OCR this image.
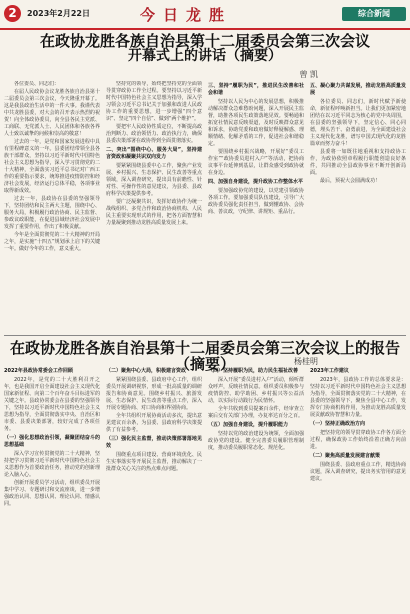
2	2023年2月22日	今日龙胜	综合新闻
在政协龙胜各族自治县第十二届委员会第三次会议
开幕式上的讲话（摘要）
曾 凯

各位委员、同志们：

在届人民政协会议龙胜各族自治县第十二届委员会第三次会议，今天隆重开幕了。这是我县政治生活中的一件大事。我谨代表中共龙胜县委，对大会的召开表示热烈的祝贺！向全体政协委员，向全县各民主党派、工商联、无党派人士、人民团体和各族各界人士致以诚挚的问候和崇高的敬意！

过去的一年，是党和国家发展进程中具有里程碑意义的一年。县委团结带领全县各族干部群众，坚持以习近平新时代中国特色社会主义思想为指导，深入学习贯彻党的二十大精神，全面落实习近平总书记对广西工作的重要指示要求，统筹推进疫情防控和经济社会发展，经济运行总体平稳，各项事业取得新成效。

过去一年，县政协在县委的坚强领导下，坚持团结和民主两大主题，围绕中心、服务大局，积极履行政治协商、民主监督、参政议政职能，在促进县域经济社会发展中发挥了重要作用，作出了积极贡献。

今年是全面贯彻党的二十大精神的开局之年，是实施“十四五”规划承上启下的关键一年。做好今年的工作，意义重大。

坚持党的领导，始终把坚持党的全面领导贯穿政协工作全过程。要坚持以习近平新时代中国特色社会主义思想为指导，深入学习领会习近平总书记关于加强和改进人民政协工作的重要思想，进一步增强“四个意识”、坚定“四个自信”、做到“两个维护”。

要把牢人民政协性质定位，不断提高政治判断力、政治领悟力、政治执行力，确保县委决策部署在政协得到全面贯彻落实。

二、突出“围绕中心、服务大局”，坚持建言资政和凝聚共识双向发力

要紧紧围绕县委中心工作，聚焦产业发展、乡村振兴、生态保护、民生改善等重点领域，深入调查研究，提出具有前瞻性、针对性、可操作性的意见建议，为县委、县政府科学决策提供参考。

要广泛凝聚共识，发挥好政协作为统一战线组织、多党合作和政治协商机构、人民民主重要实现形式的作用，把各方面智慧和力量凝聚到推动龙胜高质量发展上来。

三、坚持“履职为民”，推进民生改善和社会和谐

坚持以人民为中心的发展思想，积极推动解决群众急难愁盼问题，深入开展民主监督，助推各项民生政策落地见效。要畅通和拓宽社情民意反映渠道，及时反映群众意见和诉求，协助党委和政府做好释疑解惑、理顺情绪、化解矛盾的工作，促进社会和谐稳定。

要围绕乡村振兴战略，开展好“委员工作室”“政协委员进村入户”等活动，把协商议事平台延伸到基层，让群众感受到政协就在身边。

四、加强自身建设，提升政协工作整体水平

要加强政协党的建设，以党建引领政协各项工作。要加强委员队伍建设，引导广大政协委员强化责任担当，做到懂政协、会协商、善议政，守纪律、讲规矩、重品行。

五、凝心聚力共谋发展，推动龙胜高质量发展

各位委员、同志们，新时代赋予新使命，新征程呼唤新担当。让我们更加紧密地团结在以习近平同志为核心的党中央周围，在县委的坚强领导下，坚定信心、同心同德，埋头苦干、奋勇前进，为全面建设社会主义现代化龙胜，谱写中国式现代化的龙胜篇章而努力奋斗！

县委将一如既往地重视和支持政协工作，为政协依照章程履行职能创造良好条件，共同推动全县政协事业不断开创新局面。

最后，预祝大会圆满成功！

在政协龙胜各族自治县第十二届委员会第三次会议上的报告（摘要）	杨桂明

2022年县政协常委会工作回顾

2022年，是党的二十大胜利召开之年，也是我国开启全面建设社会主义现代化国家新征程、向第二个百年奋斗目标进军的关键之年。县政协常委会在县委的坚强领导下，坚持以习近平新时代中国特色社会主义思想为指导，全面贯彻落实中央、自治区和市委、县委决策部署，较好完成了各项任务。

（一）强化思想政治引领，凝聚团结奋斗的思想基础

深入学习宣传贯彻党的二十大精神，坚持把学习贯彻习近平新时代中国特色社会主义思想作为首要政治任务，推动党的创新理论入脑入心。

创新开展委员学习活动，组织委员开展集中学习、专题研讨和交流座谈，进一步增强政治认同、思想认同、理论认同、情感认同。

（二）聚焦中心大局，积极建言资政

紧紧围绕县委、县政府中心工作，组织委员开展调研视察，形成一批高质量的调研报告和协商意见。围绕乡村振兴、旅游发展、生态保护、民生改善等重点工作，深入开展专题协商、对口协商和界别协商。

全年共组织开展协商活动多次，提出意见建议百余条，为县委、县政府科学决策提供了有益参考。

（三）强化民主监督，推动决策部署落地见效

围绕重点项目建设、营商环境优化、民生实事落实等开展民主监督，推动解决了一批群众关心关注的热点难点问题。

（四）坚持履职为民，助力民生福祉改善

深入开展“委员进村入户”活动，倾听群众呼声，反映社情民意。组织委员积极参与疫情防控、助学助困、乡村振兴等公益活动，以实际行动践行为民情怀。

全年共收到委员提案百余件，经审查立案后交有关部门办理，办复率达百分之百。

（五）加强自身建设，提升履职能力

坚持以党的政治建设为统领，全面加强政协党的建设。健全完善委员履职管理制度，推动委员履职常态化、规范化。

2023年工作建议

2023年，县政协工作的总体要求是：坚持以习近平新时代中国特色社会主义思想为指导，全面贯彻落实党的二十大精神，在县委的坚强领导下，聚焦全县中心工作，发挥专门协商机构作用，为推动龙胜高质量发展贡献政协智慧和力量。

（一）坚持正确政治方向

把坚持党的领导贯穿政协工作各方面全过程，确保政协工作始终沿着正确方向前进。

（二）聚焦高质量发展建言献策

围绕县委、县政府重点工作，精选协商议题，深入调查研究，提出务实管用的意见建议。
